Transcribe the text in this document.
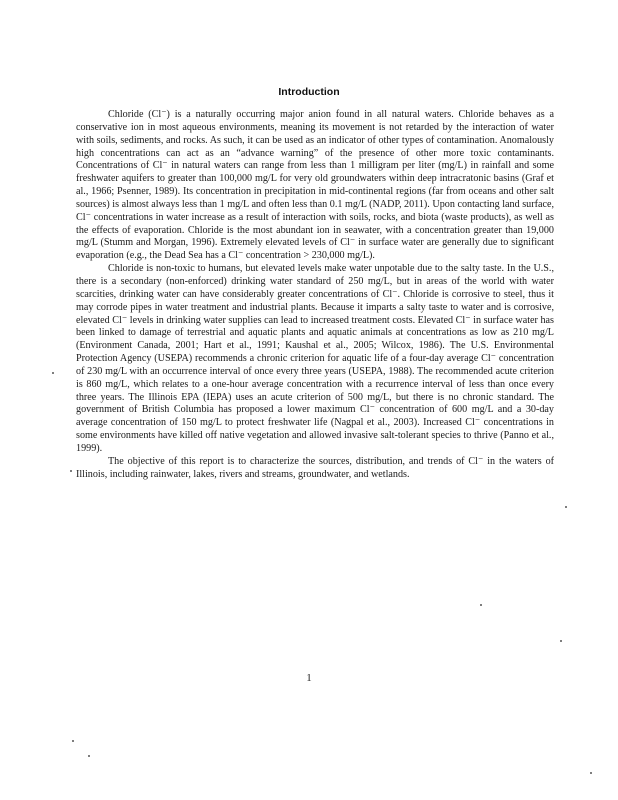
Introduction

Chloride (Cl⁻) is a naturally occurring major anion found in all natural waters. Chloride behaves as a conservative ion in most aqueous environments, meaning its movement is not retarded by the interaction of water with soils, sediments, and rocks. As such, it can be used as an indicator of other types of contamination. Anomalously high concentrations can act as an “advance warning” of the presence of other more toxic contaminants. Concentrations of Cl⁻ in natural waters can range from less than 1 milligram per liter (mg/L) in rainfall and some freshwater aquifers to greater than 100,000 mg/L for very old groundwaters within deep intracratonic basins (Graf et al., 1966; Psenner, 1989). Its concentration in precipitation in mid-continental regions (far from oceans and other salt sources) is almost always less than 1 mg/L and often less than 0.1 mg/L (NADP, 2011). Upon contacting land surface, Cl⁻ concentrations in water increase as a result of interaction with soils, rocks, and biota (waste products), as well as the effects of evaporation. Chloride is the most abundant ion in seawater, with a concentration greater than 19,000 mg/L (Stumm and Morgan, 1996). Extremely elevated levels of Cl⁻ in surface water are generally due to significant evaporation (e.g., the Dead Sea has a Cl⁻ concentration > 230,000 mg/L).

Chloride is non-toxic to humans, but elevated levels make water unpotable due to the salty taste. In the U.S., there is a secondary (non-enforced) drinking water standard of 250 mg/L, but in areas of the world with water scarcities, drinking water can have considerably greater concentrations of Cl⁻. Chloride is corrosive to steel, thus it may corrode pipes in water treatment and industrial plants. Because it imparts a salty taste to water and is corrosive, elevated Cl⁻ levels in drinking water supplies can lead to increased treatment costs. Elevated Cl⁻ in surface water has been linked to damage of terrestrial and aquatic plants and aquatic animals at concentrations as low as 210 mg/L (Environment Canada, 2001; Hart et al., 1991; Kaushal et al., 2005; Wilcox, 1986). The U.S. Environmental Protection Agency (USEPA) recommends a chronic criterion for aquatic life of a four-day average Cl⁻ concentration of 230 mg/L with an occurrence interval of once every three years (USEPA, 1988). The recommended acute criterion is 860 mg/L, which relates to a one-hour average concentration with a recurrence interval of less than once every three years. The Illinois EPA (IEPA) uses an acute criterion of 500 mg/L, but there is no chronic standard. The government of British Columbia has proposed a lower maximum Cl⁻ concentration of 600 mg/L and a 30-day average concentration of 150 mg/L to protect freshwater life (Nagpal et al., 2003). Increased Cl⁻ concentrations in some environments have killed off native vegetation and allowed invasive salt-tolerant species to thrive (Panno et al., 1999).

The objective of this report is to characterize the sources, distribution, and trends of Cl⁻ in the waters of Illinois, including rainwater, lakes, rivers and streams, groundwater, and wetlands.

1
